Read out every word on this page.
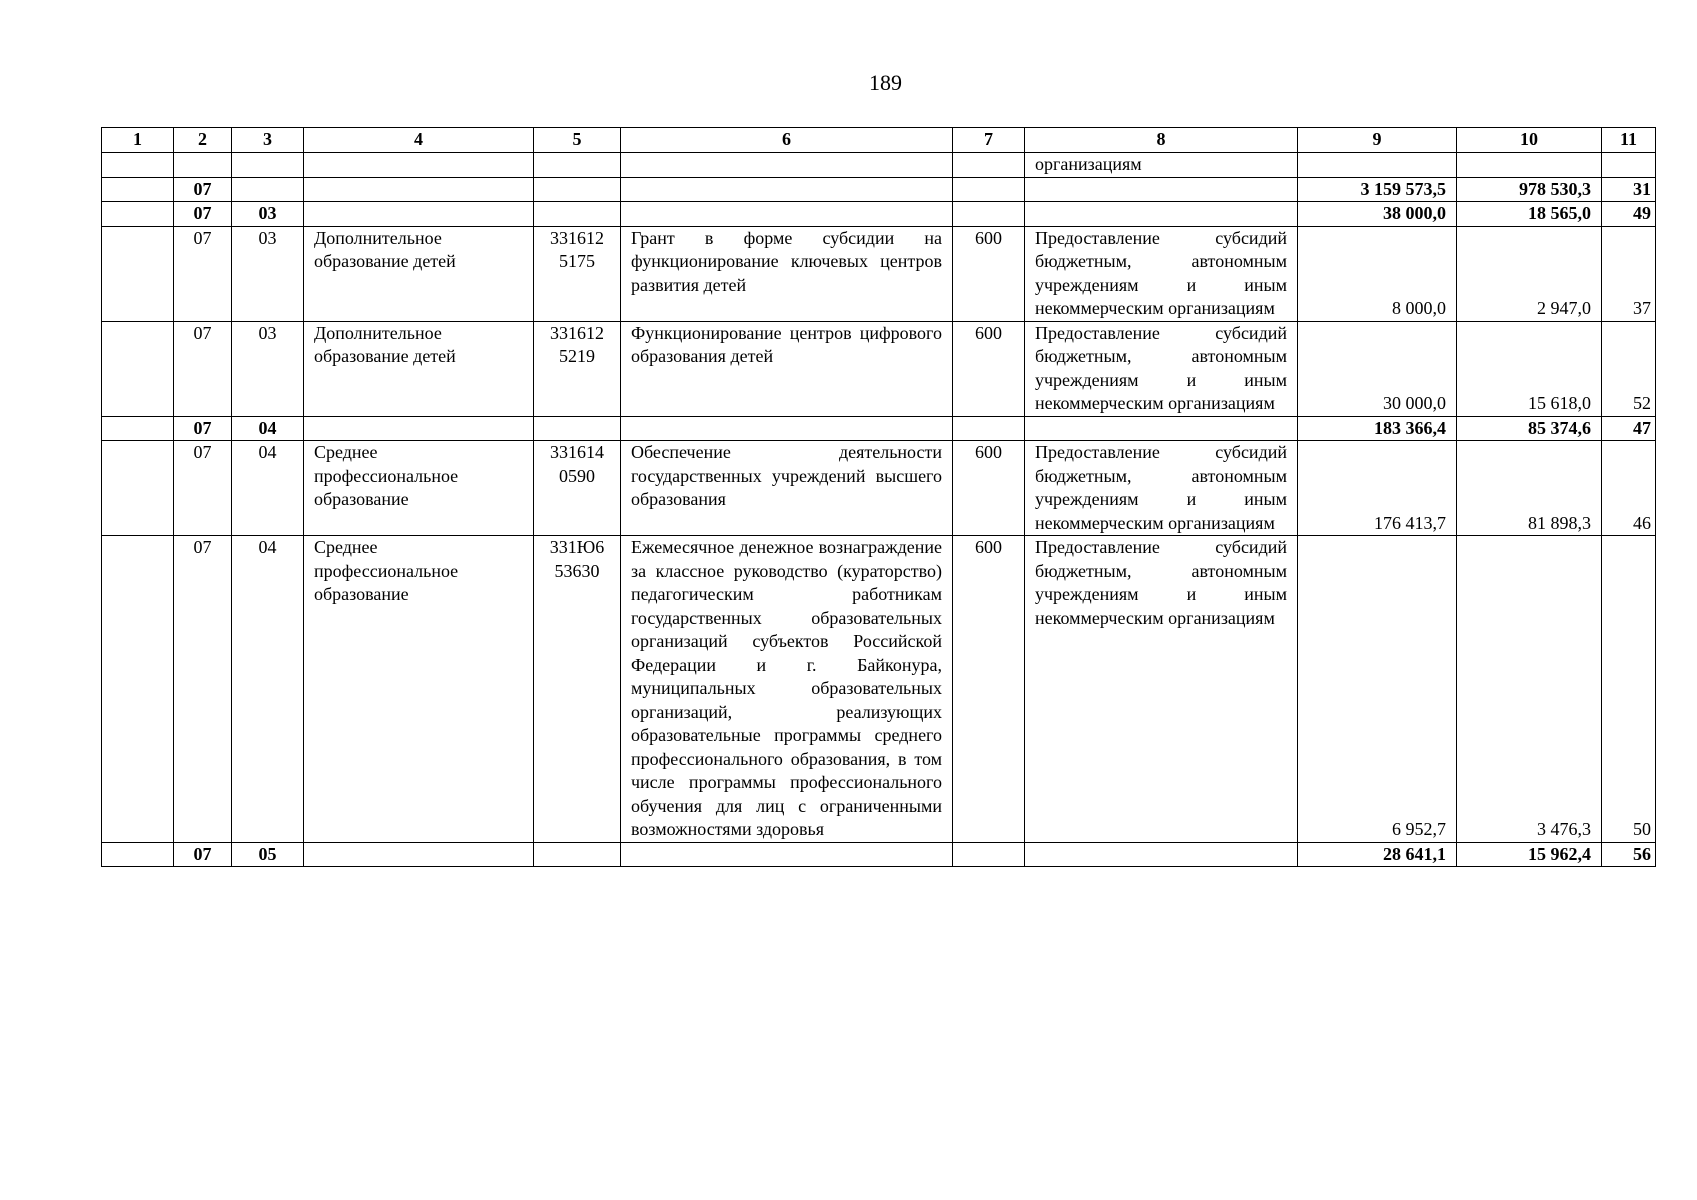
189
1	2	3	4	5	6	7	8	9	10	11
							организациям			
	07							3 159 573,5	978 530,3	31
	07	03						38 000,0	18 565,0	49
	07	03	Дополнительное образование детей	331612 5175	Грант в форме субсидии на функционирование ключевых центров развития детей	600	Предоставление субсидий бюджетным, автономным учреждениям и иным некоммерческим организациям	8 000,0	2 947,0	37
	07	03	Дополнительное образование детей	331612 5219	Функционирование центров цифрового образования детей	600	Предоставление субсидий бюджетным, автономным учреждениям и иным некоммерческим организациям	30 000,0	15 618,0	52
	07	04						183 366,4	85 374,6	47
	07	04	Среднее профессиональное образование	331614 0590	Обеспечение деятельности государственных учреждений высшего образования	600	Предоставление субсидий бюджетным, автономным учреждениям и иным некоммерческим организациям	176 413,7	81 898,3	46
	07	04	Среднее профессиональное образование	331Ю6 53630	Ежемесячное денежное вознаграждение за классное руководство (кураторство) педагогическим работникам государственных образовательных организаций субъектов Российской Федерации и г. Байконура, муниципальных образовательных организаций, реализующих образовательные программы среднего профессионального образования, в том числе программы профессионального обучения для лиц с ограниченными возможностями здоровья	600	Предоставление субсидий бюджетным, автономным учреждениям и иным некоммерческим организациям	6 952,7	3 476,3	50
	07	05						28 641,1	15 962,4	56
